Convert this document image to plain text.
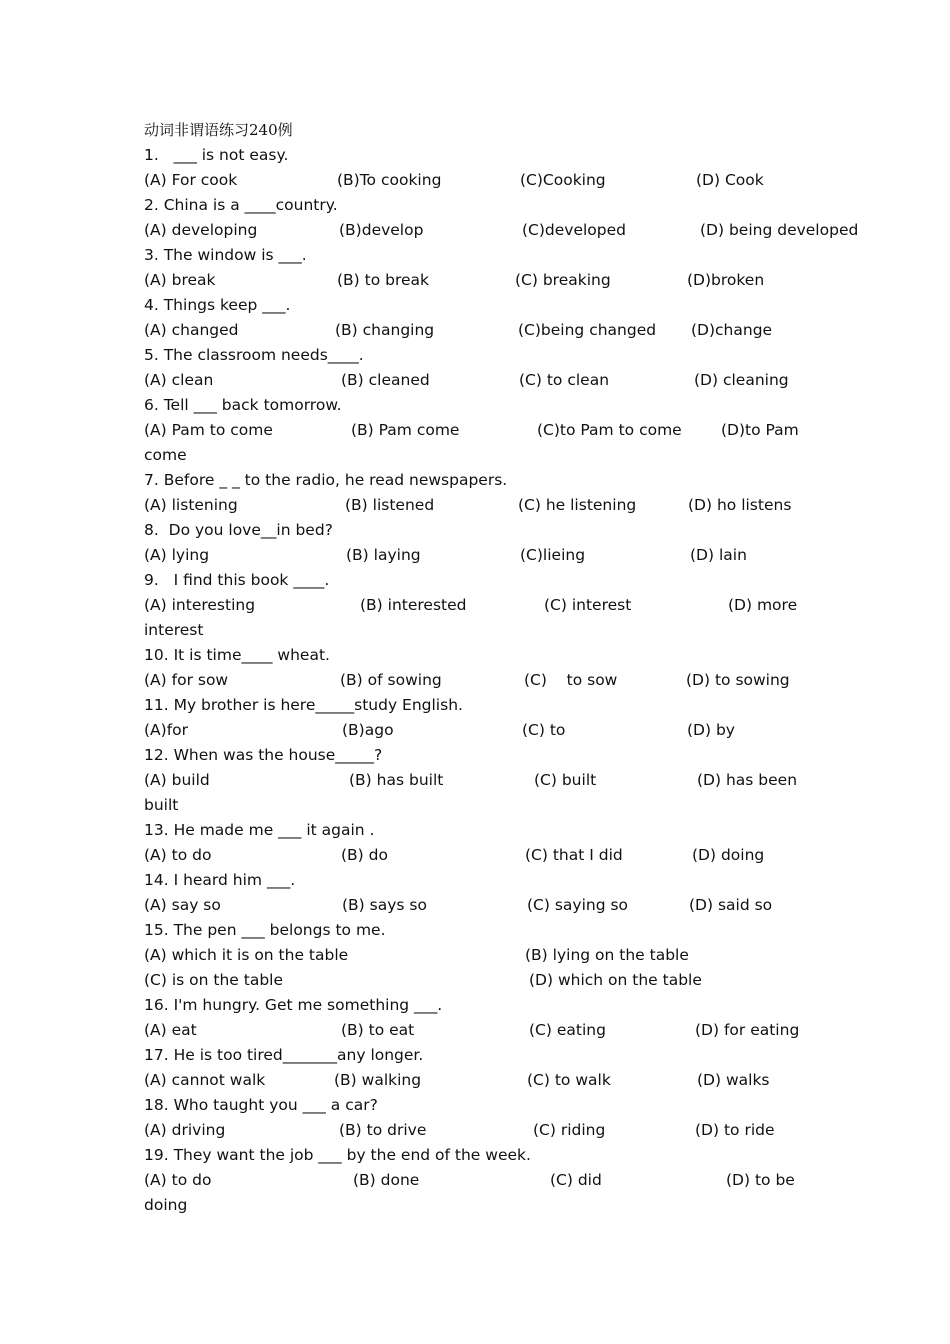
动词非谓语练习240例
1.   ___ is not easy.
(A) For cook	(B)To cooking	(C)Cooking	(D) Cook
2. China is a ____country.
(A) developing	(B)develop	(C)developed	(D) being developed
3. The window is ___.
(A) break	(B) to break	(C) breaking	(D)broken
4. Things keep ___.
(A) changed	(B) changing	(C)being changed (D)change
5. The classroom needs____.
(A) clean	(B) cleaned	(C) to clean	(D) cleaning
6. Tell ___ back tomorrow.
(A) Pam to come	(B) Pam come	(C)to Pam to come	(D)to Pam
come
7. Before _ _ to the radio, he read newspapers.
(A) listening	(B) listened	(C) he listening	(D) ho listens
8.  Do you love__in bed?
(A) lying	(B) laying	(C)lieing	(D) lain
9.   I find this book ____.
(A) interesting	(B) interested	(C) interest	(D) more
interest
10. It is time____ wheat.
(A) for sow	(B) of sowing	(C)    to sow	(D) to sowing
11. My brother is here_____study English.
(A)for	(B)ago	(C) to	(D) by
12. When was the house_____?
(A) build	(B) has built	(C) built	(D) has been
built
13. He made me ___ it again .
(A) to do	(B) do	(C) that I did	(D) doing
14. I heard him ___.
(A) say so	(B) says so	(C) saying so	(D) said so
15. The pen ___ belongs to me.
(A) which it is on the table	(B) lying on the table
(C) is on the table	(D) which on the table
16. I'm hungry. Get me something ___.
(A) eat	(B) to eat	(C) eating	(D) for eating
17. He is too tired_______any longer.
(A) cannot walk	(B) walking	(C) to walk	(D) walks
18. Who taught you ___ a car?
(A) driving	(B) to drive	(C) riding	(D) to ride
19. They want the job ___ by the end of the week.
(A) to do	(B) done	(C) did	(D) to be
doing
